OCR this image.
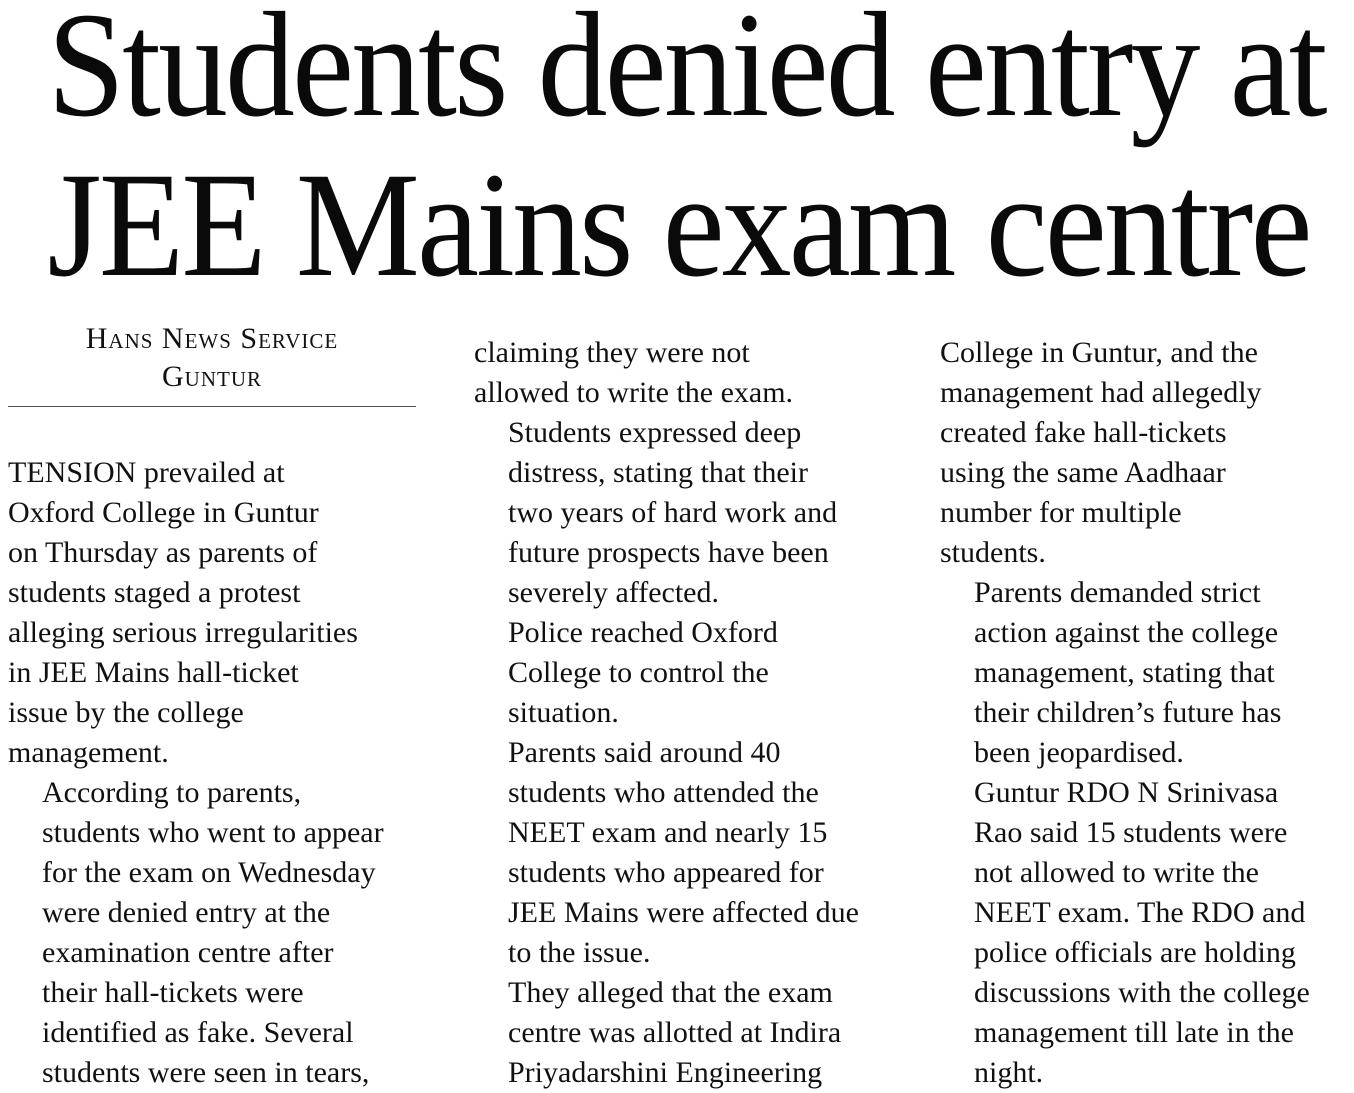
Students denied entry at
JEE Mains exam centre
Hans News Service
Guntur

TENSION prevailed at
Oxford College in Guntur
on Thursday as parents of
students staged a protest
alleging serious irregularities
in JEE Mains hall-ticket
issue by the college
management.

According to parents,
students who went to appear
for the exam on Wednesday
were denied entry at the
examination centre after
their hall-tickets were
identified as fake. Several
students were seen in tears,

claiming they were not
allowed to write the exam.

Students expressed deep
distress, stating that their
two years of hard work and
future prospects have been
severely affected.

Police reached Oxford
College to control the
situation.

Parents said around 40
students who attended the
NEET exam and nearly 15
students who appeared for
JEE Mains were affected due
to the issue.

They alleged that the exam
centre was allotted at Indira
Priyadarshini Engineering

College in Guntur, and the
management had allegedly
created fake hall-tickets
using the same Aadhaar
number for multiple
students.

Parents demanded strict
action against the college
management, stating that
their children’s future has
been jeopardised.

Guntur RDO N Srinivasa
Rao said 15 students were
not allowed to write the
NEET exam. The RDO and
police officials are holding
discussions with the college
management till late in the
night.
